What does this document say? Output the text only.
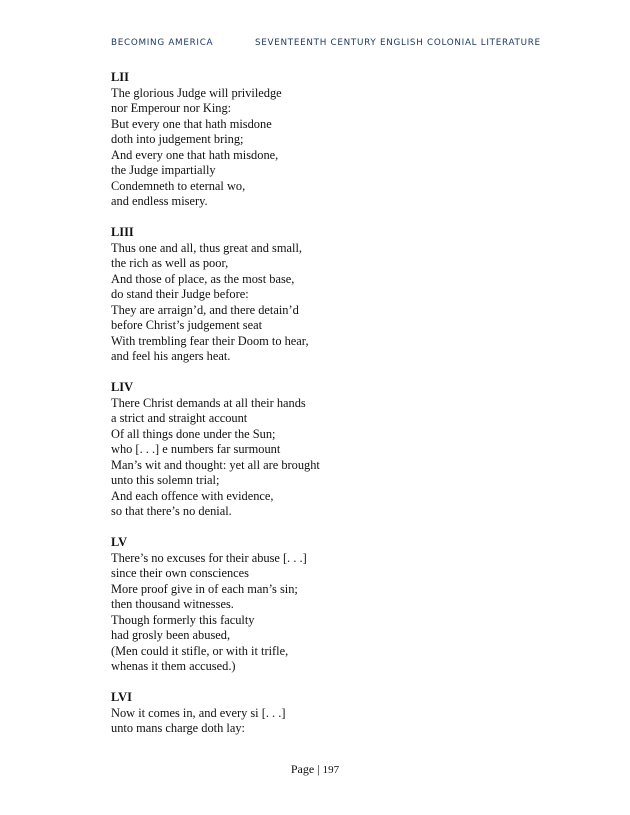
BECOMING AMERICA	SEVENTEENTH CENTURY ENGLISH COLONIAL LITERATURE
LII
The glorious Judge will priviledge
nor Emperour nor King:
But every one that hath misdone
doth into judgement bring;
And every one that hath misdone,
the Judge impartially
Condemneth to eternal wo,
and endless misery.
LIII
Thus one and all, thus great and small,
the rich as well as poor,
And those of place, as the most base,
do stand their Judge before:
They are arraign’d, and there detain’d
before Christ’s judgement seat
With trembling fear their Doom to hear,
and feel his angers heat.
LIV
There Christ demands at all their hands
a strict and straight account
Of all things done under the Sun;
who [. . .] e numbers far surmount
Man’s wit and thought: yet all are brought
unto this solemn trial;
And each offence with evidence,
so that there’s no denial.
LV
There’s no excuses for their abuse [. . .]
since their own consciences
More proof give in of each man’s sin;
then thousand witnesses.
Though formerly this faculty
had grosly been abused,
(Men could it stifle, or with it trifle,
whenas it them accused.)
LVI
Now it comes in, and every si [. . .]
unto mans charge doth lay:
Page | 197
